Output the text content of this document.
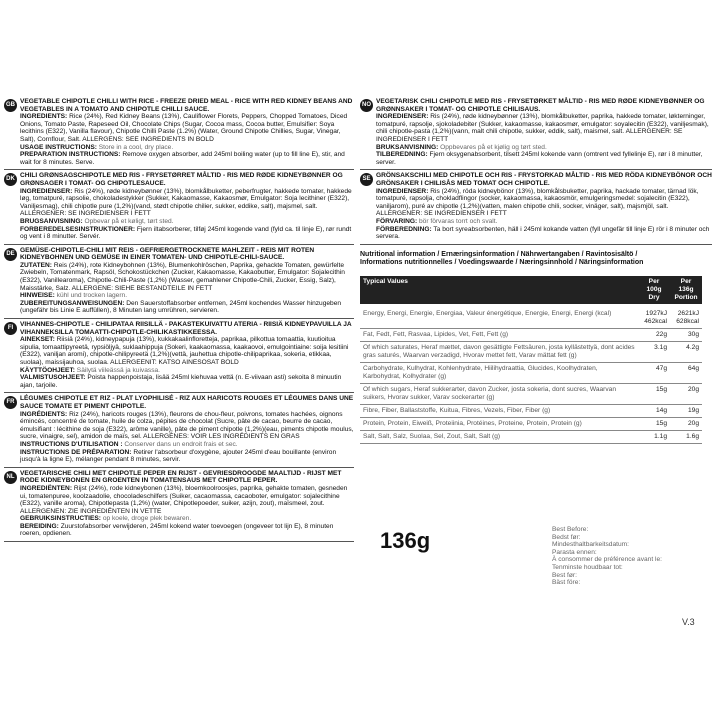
GB VEGETABLE CHIPOTLE CHILLI WITH RICE - FREEZE DRIED MEAL - RICE WITH RED KIDNEY BEANS AND VEGETABLES IN A TOMATO AND CHIPOTLE CHILLI SAUCE.
INGREDIENTS: Rice (24%), Red Kidney Beans (13%), Cauliflower Florets, Peppers, Chopped Tomatoes, Diced Onions, Tomato Paste, Rapeseed Oil, Chocolate Chips (Sugar, Cocoa mass, Cocoa butter, Emulsifier: Soya lecithins (E322), Vanilla flavour), Chipotle Chilli Paste (1.2%) (Water, Ground Chipotle Chillies, Sugar, Vinegar, Salt), Cornflour, Salt. ALLERGENS: SEE INGREDIENTS IN BOLD
USAGE INSTRUCTIONS: Store in a cool, dry place.
PREPARATION INSTRUCTIONS: Remove oxygen absorber, add 245ml boiling water (up to fill line E), stir, and wait for 8 minutes. Serve.
DK CHILI GRØNSAGSCHIPOTLE MED RIS - FRYSETØRRET MÅLTID - RIS MED RØDE KIDNEYBØNNER OG GRØNSAGER I TOMAT- OG CHIPOTLESAUCE.
INGREDIENSER: Ris (24%), røde kidneybønner (13%), blomkålbuketter, peberfrugter, hakkede tomater, hakkede løg, tomatpuré, rapsolie, chokoladestykker (Sukker, Kakaomasse, Kakaosmør, Emulgator: Soja lecithiner (E322), Vaniljesmag), chili chipotle pure (1,2%)(vand, stødt chipotle chilier, sukker, eddike, salt), majsmel, salt. ALLERGENER: SE INGREDIENSER I FETT
BRUGSANVISNING: Opbevar på et køligt, tørt sted.
FORBEREDELSESINSTRUKTIONER: Fjern iltabsorberer, tilføj 245ml kogende vand (fyld ca. til linje E), rør rundt og vent i 8 minutter. Servér.
DE GEMÜSE-CHIPOTLE-CHILI MIT REIS - GEFRIERGETROCKNETE MAHLZEIT - REIS MIT ROTEN KIDNEYBOHNEN UND GEMÜSE IN EINER TOMATEN- UND CHIPOTLE-CHILI-SAUCE.
ZUTATEN: Reis (24%), rote Kidneybohnen (13%), Blumenkohlröschen, Paprika, gehackte Tomaten, gewürfelte Zwiebeln, Tomatenmark, Rapsöl, Schokostückchen (Zucker, Kakaomasse, Kakaobutter, Emulgator: Sojalecithin (E322), Vanillearoma), Chipotle-Chili-Paste (1,2%) (Wasser, gemahlener Chipotle-Chili, Zucker, Essig, Salz), Maisstärke, Salz. ALLERGENE: SIEHE BESTANDTEILE IN FETT
HINWEISE: kühl und trocken lagern.
ZUBEREITUNGSANWEISUNGEN: Den Sauerstoffabsorber entfernen, 245ml kochendes Wasser hinzugeben (ungefähr bis Linie E auffüllen), 8 Minuten lang umrühren, servieren.
FI	VIHANNES-CHIPOTLE - CHILIPATAA RIISILLÄ - PAKASTEKUIVATTU ATERIA - RIISIÄ KIDNEYPAVUILLA JA VIHANNEKSILLA TOMAATTI-CHIPOTLE-CHILIKASTIKKEESSA.
AINEKSET: Riisiä (24%), kidneypapuja (13%), kukkakaalinfloretteja, paprikaa, pilkottua tomaattia, kuutioitua sipulia, tomaattipyreetä, rypsiöljyä, suklaahippuja (Sokeri, kaakaomassa, kaakaovoi, emulgointiaine: soija lesitiini (E322), vaniljan aromi), chipotle-chilipyreetä (1,2%)(vettä, jauhettua chipotle-chilipaprikaa, sokeria, etikkaa, suolaa), maissijauhoa, suolaa. ALLERGEENIT: KATSO AINESOSAT BOLD
KÄYTTÖOHJEET: Säilytä viileässä ja kuivassa.
VALMISTUSOHJEET: Poista happenpoistaja, lisää 245ml kiehuvaa vettä (n. E-viivaan asti) sekoita 8 minuutin ajan, tarjoile.
FR LÉGUMES CHIPOTLE ET RIZ - PLAT LYOPHILISÉ - RIZ AUX HARICOTS ROUGES ET LÉGUMES DANS UNE SAUCE TOMATE ET PIMENT CHIPOTLE.
INGRÉDIENTS: Riz (24%), haricots rouges (13%), fleurons de chou-fleur, poivrons, tomates hachées, oignons émincés, concentré de tomate, huile de colza, pépites de chocolat (Sucre, pâte de cacao, beurre de cacao, émulsifiant : lécithine de soja (E322), arôme vanille), pâte de piment chipotle (1,2%)(eau, piments chipotle moulus, sucre, vinaigre, sel), amidon de maïs, sel. ALLERGÈNES: VOIR LES INGRÉDIENTS EN GRAS
INSTRUCTIONS D'UTILISATION : Conserver dans un endroit frais et sec.
INSTRUCTIONS DE PRÉPARATION: Retirer l'absorbeur d'oxygène, ajouter 245ml d'eau bouillante (environ jusqu'à la ligne E), mélanger pendant 8 minutes, servir.
NL VEGETARISCHE CHILI MET CHIPOTLE PEPER EN RIJST - GEVRIESDROOGDE MAALTIJD - RIJST MET RODE KIDNEYBONEN EN GROENTEN IN TOMATENSAUS MET CHIPOTLE PEPER.
INGREDIËNTEN: Rijst (24%), rode kidneybonen (13%), bloemkoolroosjes, paprika, gehakte tomaten, gesneden ui, tomatenpuree, koolzaadolie, chocoladeschilfers (Suiker, cacaomassa, cacaoboter, emulgator: sojalecithine (E322), vanille aroma), Chipotlepasta (1,2%) (water, Chipotlepoeder, suiker, azijn, zout), maïsmeel, zout. ALLERGENEN: ZIE INGREDIËNTEN IN VETTE
GEBRUIKSINSTRUCTIES: op koele, droge plek bewaren.
BEREIDING: Zuurstofabsorber verwijderen, 245ml kokend water toevoegen (ongeveer tot lijn E), 8 minuten roeren, opdienen.
NO VEGETARISK CHILI CHIPOTLE MED RIS - FRYSETØRKET MÅLTID - RIS MED RØDE KIDNEYBØNNER OG GRØNNSAKER I TOMAT- OG CHIPOTLE CHILISAUS.
INGREDIENSER: Ris (24%), røde kidneybønner (13%), blomkålbuketter, paprika, hakkede tomater, løkterninger, tomatpuré, rapsolje, sjokoladebiter (Sukker, kakaomasse, kakaosmør, emulgator: soyalecitin (E322), vaniljesmak), chili chipotle-pasta (1,2%)(vann, malt chili chipotle, sukker, eddik, salt), maismel, salt. ALLERGENER: SE INGREDIENSER I FETT
BRUKSANVISNING: Oppbevares på et kjølig og tørt sted.
TILBEREDNING: Fjern oksygenabsorbent, tilsett 245ml kokende vann (omtrent ved fyllelinje E), rør i 8 minutter, server.
SE GRÖNSAKSCHILI MED CHIPOTLE OCH RIS - FRYSTORKAD MÅLTID - RIS MED RÖDA KIDNEYBÖNOR OCH GRÖNSAKER I CHILISÅS MED TOMAT OCH CHIPOTLE.
INGREDIENSER: Ris (24%), röda kidneybönor (13%), blomkålsbuketter, paprika, hackade tomater, tärnad lök, tomatpuré, rapsolja, chokladflingor (socker, kakaomassa, kakaosmör, emulgeringsmedel: sojalecitin (E322), vaniljarom), puré av chipotle (1,2%)(vatten, malen chipotle chili, socker, vinäger, salt), majsmjöl, salt. ALLERGENER: SE INGREDIENSER I FETT
FÖRVARING: bör förvaras torrt och svalt.
FÖRBEREDNING: Ta bort syreabsorbenten, häll i 245ml kokande vatten (fyll ungefär till linje E) rör i 8 minuter och servera.
Nutritional information / Ernæringsinformation / Nährwertangaben / Ravintosisältö /
Informations nutritionnelles / Voedingswaarde / Næringsinnhold / Näringsinformation
Typical Values	Per 100g Dry	Per 136g Portion

Energy, Energi, Energie, Energiaa, Valeur énergétique, Energie, Energi, Energi (kcal)	1927kJ 462kcal	2621kJ 628kcal
Fat, Fedt, Fett, Rasvaa, Lipides, Vet, Fett, Fett (g)	22g	30g
Of which saturates, Heraf mættet, davon gesättigte Fettsäuren, josta kyllästettyä, dont acides gras saturés, Waarvan verzadigd, Hvorav mettet fett, Varav mättat fett (g)	3.1g	4.2g
Carbohydrate, Kulhydrat, Kohlenhydrate, Hiilihydraattia, Glucides, Koolhydraten, Karbohydrat, Kolhydrater (g)	47g	64g
Of which sugars, Heraf sukkerarter, davon Zucker, josta sokeria, dont sucres, Waarvan suikers, Hvorav sukker, Varav sockerarter (g)	15g	20g
Fibre, Fiber, Ballaststoffe, Kuitua, Fibres, Vezels, Fiber, Fiber (g)	14g	19g
Protein, Protein, Eiweiß, Proteiinia, Protéines, Proteine, Protein, Protein (g)	15g	20g
Salt, Salt, Salz, Suolaa, Sel, Zout, Salt, Salt (g)	1.1g	1.6g
136g	Best Before:
Bedst før:
Mindesthaltbarkeitsdatum:
Parasta ennen:
À consommer de préférence avant le:
Tenminste houdbaar tot:
Best før:
Bäst före:
V.3
